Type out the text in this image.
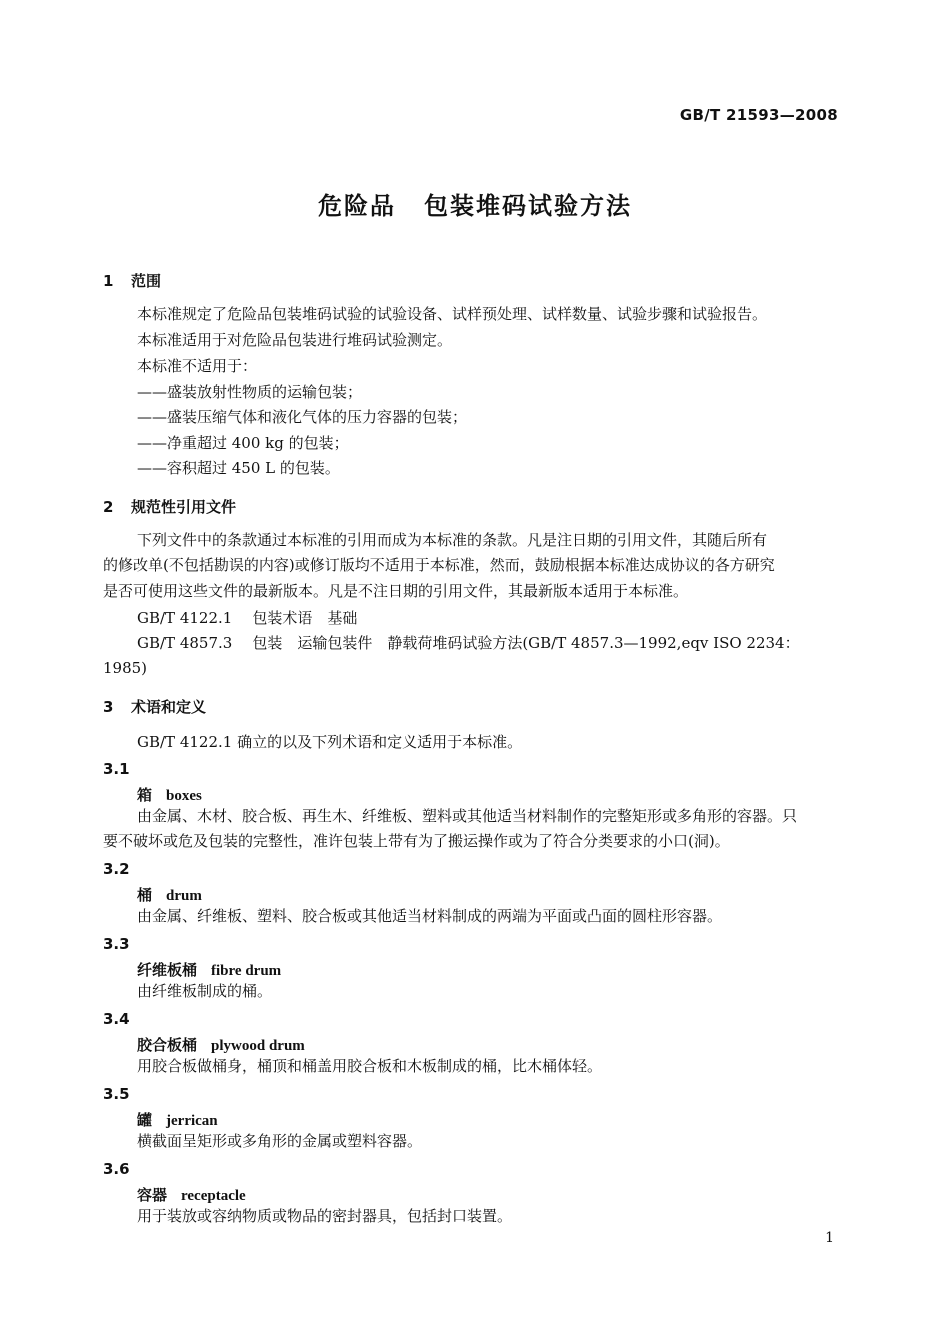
GB/T 21593—2008
危险品 包装堆码试验方法
1 范围
本标准规定了危险品包装堆码试验的试验设备、试样预处理、试样数量、试验步骤和试验报告。
本标准适用于对危险品包装进行堆码试验测定。
本标准不适用于：
——盛装放射性物质的运输包装；
——盛装压缩气体和液化气体的压力容器的包装；
——净重超过 400 kg 的包装；
——容积超过 450 L 的包装。
2 规范性引用文件
下列文件中的条款通过本标准的引用而成为本标准的条款。凡是注日期的引用文件，其随后所有
的修改单(不包括勘误的内容)或修订版均不适用于本标准，然而，鼓励根据本标准达成协议的各方研究
是否可使用这些文件的最新版本。凡是不注日期的引用文件，其最新版本适用于本标准。
GB/T 4122.1 包装术语　基础
GB/T 4857.3 包装　运输包装件　静载荷堆码试验方法(GB/T 4857.3—1992,eqv ISO 2234：
1985)
3 术语和定义
GB/T 4122.1 确立的以及下列术语和定义适用于本标准。
3.1
箱 boxes
由金属、木材、胶合板、再生木、纤维板、塑料或其他适当材料制作的完整矩形或多角形的容器。只
要不破坏或危及包装的完整性，准许包装上带有为了搬运操作或为了符合分类要求的小口(洞)。
3.2
桶 drum
由金属、纤维板、塑料、胶合板或其他适当材料制成的两端为平面或凸面的圆柱形容器。
3.3
纤维板桶 fibre drum
由纤维板制成的桶。
3.4
胶合板桶 plywood drum
用胶合板做桶身，桶顶和桶盖用胶合板和木板制成的桶，比木桶体轻。
3.5
罐 jerrican
横截面呈矩形或多角形的金属或塑料容器。
3.6
容器 receptacle
用于装放或容纳物质或物品的密封器具，包括封口装置。
1
